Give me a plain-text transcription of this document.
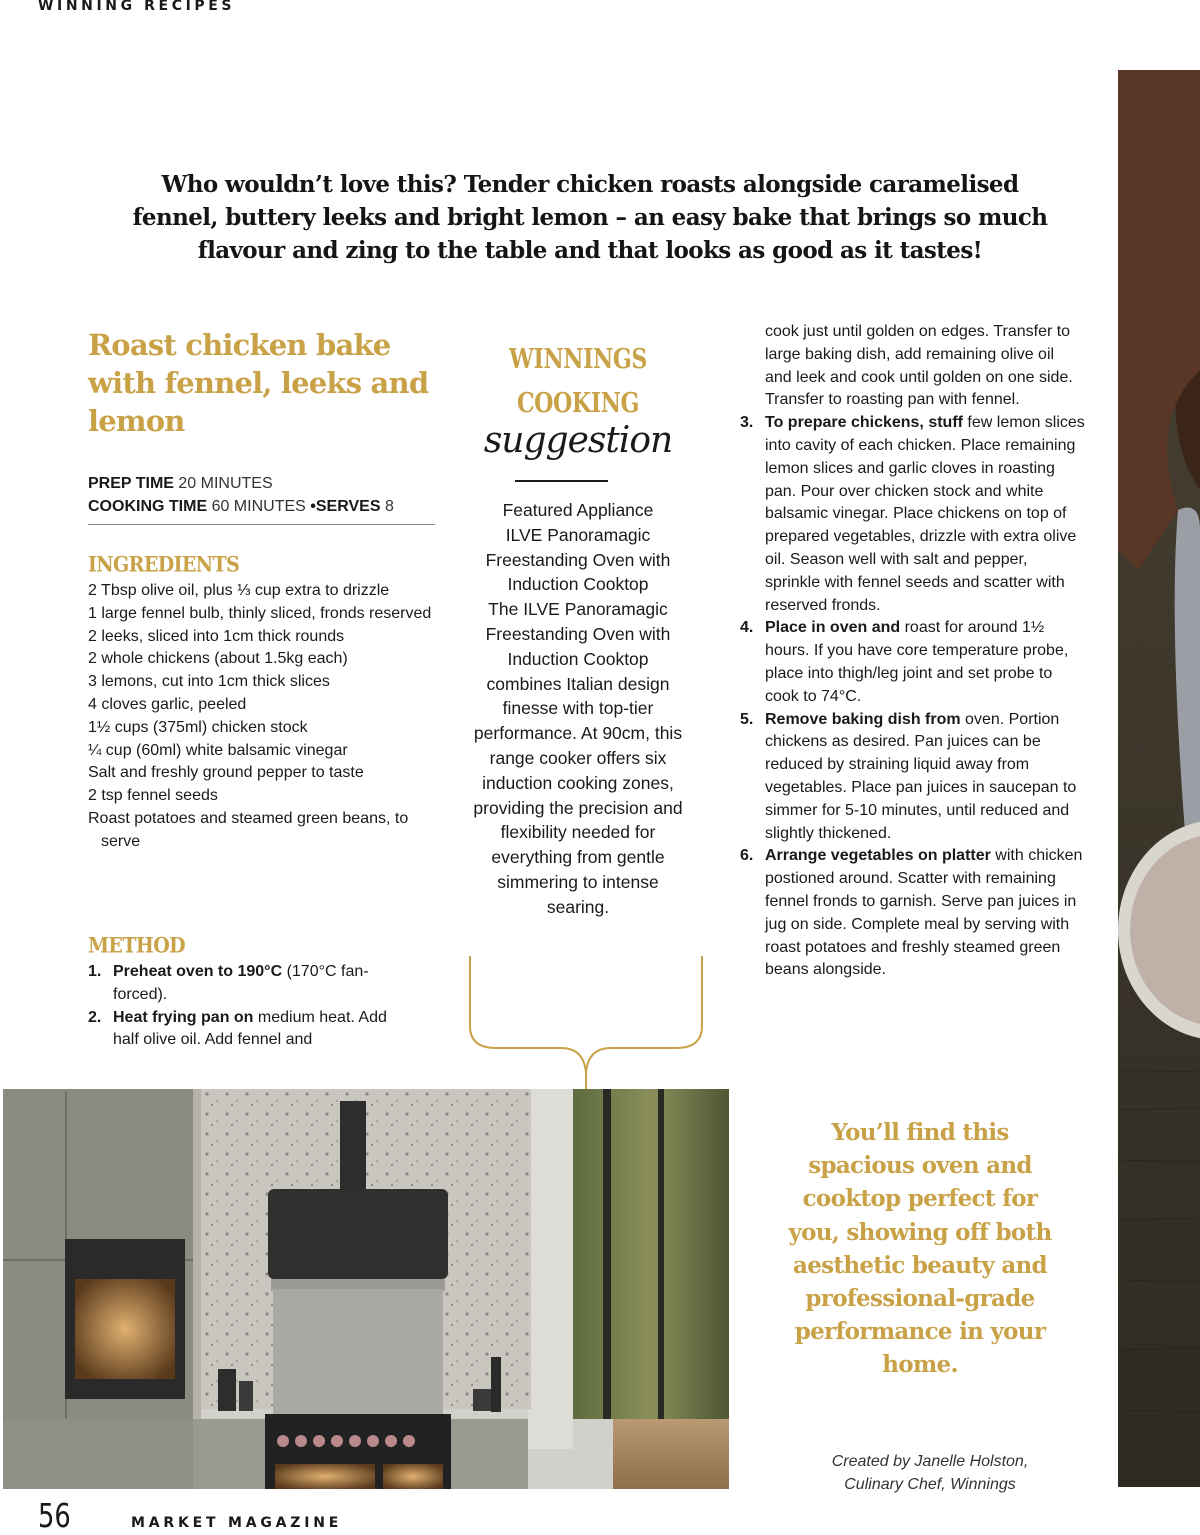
WINNING RECIPES

Who wouldn’t love this? Tender chicken roasts alongside caramelised fennel, buttery leeks and bright lemon – an easy bake that brings so much flavour and zing to the table and that looks as good as it tastes!

Roast chicken bake with fennel, leeks and lemon
PREP TIME 20 MINUTES
COOKING TIME 60 MINUTES •SERVES 8
INGREDIENTS
2 Tbsp olive oil, plus ⅓ cup extra to drizzle
1 large fennel bulb, thinly sliced, fronds reserved
2 leeks, sliced into 1cm thick rounds
2 whole chickens (about 1.5kg each)
3 lemons, cut into 1cm thick slices
4 cloves garlic, peeled
1½ cups (375ml) chicken stock
¼ cup (60ml) white balsamic vinegar
Salt and freshly ground pepper to taste
2 tsp fennel seeds
Roast potatoes and steamed green beans, to serve
METHOD
1. Preheat oven to 190°C (170°C fan-forced).
2. Heat frying pan on medium heat. Add half olive oil. Add fennel and
WINNINGS
COOKING
suggestion
Featured Appliance
ILVE Panoramagic Freestanding Oven with Induction Cooktop
The ILVE Panoramagic Freestanding Oven with Induction Cooktop combines Italian design finesse with top-tier performance. At 90cm, this range cooker offers six induction cooking zones, providing the precision and flexibility needed for everything from gentle simmering to intense searing.
cook just until golden on edges. Transfer to large baking dish, add remaining olive oil and leek and cook until golden on one side. Transfer to roasting pan with fennel.
3. To prepare chickens, stuff few lemon slices into cavity of each chicken. Place remaining lemon slices and garlic cloves in roasting pan. Pour over chicken stock and white balsamic vinegar. Place chickens on top of prepared vegetables, drizzle with extra olive oil. Season well with salt and pepper, sprinkle with fennel seeds and scatter with reserved fronds.
4. Place in oven and roast for around 1½ hours. If you have core temperature probe, place into thigh/leg joint and set probe to cook to 74°C.
5. Remove baking dish from oven. Portion chickens as desired. Pan juices can be reduced by straining liquid away from vegetables. Place pan juices in saucepan to simmer for 5-10 minutes, until reduced and slightly thickened.
6. Arrange vegetables on platter with chicken postioned around. Scatter with remaining fennel fronds to garnish. Serve pan juices in jug on side. Complete meal by serving with roast potatoes and freshly steamed green beans alongside.

You’ll find this spacious oven and cooktop perfect for you, showing off both aesthetic beauty and professional-grade performance in your home.

Created by Janelle Holston,
Culinary Chef, Winnings
56	MARKET MAGAZINE
